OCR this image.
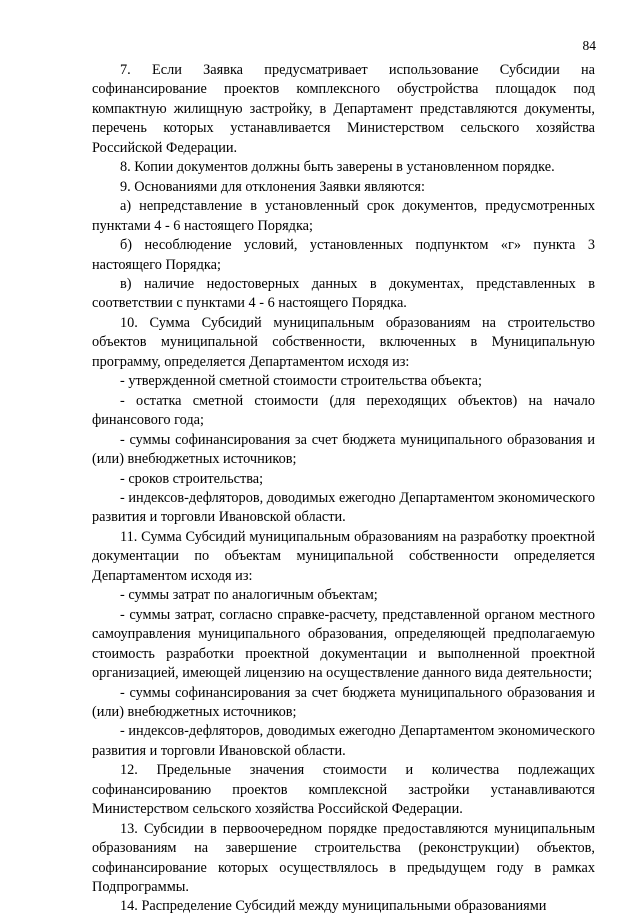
84

7. Если Заявка предусматривает использование Субсидии на софинансирование проектов комплексного обустройства площадок под компактную жилищную застройку, в Департамент представляются документы, перечень которых устанавливается Министерством сельского хозяйства Российской Федерации.

8. Копии документов должны быть заверены в установленном порядке.

9. Основаниями для отклонения Заявки являются:

а) непредставление в установленный срок документов, предусмотренных пунктами 4 - 6 настоящего Порядка;

б) несоблюдение условий, установленных подпунктом «г» пункта 3 настоящего Порядка;

в) наличие недостоверных данных в документах, представленных в соответствии с пунктами 4 - 6 настоящего Порядка.

10. Сумма Субсидий муниципальным образованиям на строительство объектов муниципальной собственности, включенных в Муниципальную программу, определяется Департаментом исходя из:

- утвержденной сметной стоимости строительства объекта;

- остатка сметной стоимости (для переходящих объектов) на начало финансового года;

- суммы софинансирования за счет бюджета муниципального образования и (или) внебюджетных источников;

- сроков строительства;

- индексов-дефляторов, доводимых ежегодно Департаментом экономического развития и торговли Ивановской области.

11. Сумма Субсидий муниципальным образованиям на разработку проектной документации по объектам муниципальной собственности определяется Департаментом исходя из:

- суммы затрат по аналогичным объектам;

- суммы затрат, согласно справке-расчету, представленной органом местного самоуправления муниципального образования, определяющей предполагаемую стоимость разработки проектной документации и выполненной проектной организацией, имеющей лицензию на осуществление данного вида деятельности;

- суммы софинансирования за счет бюджета муниципального образования и (или) внебюджетных источников;

- индексов-дефляторов, доводимых ежегодно Департаментом экономического развития и торговли Ивановской области.

12. Предельные значения стоимости и количества подлежащих софинансированию проектов комплексной застройки устанавливаются Министерством сельского хозяйства Российской Федерации.

13. Субсидии в первоочередном порядке предоставляются муниципальным образованиям на завершение строительства (реконструкции) объектов, софинансирование которых осуществлялось в предыдущем году в рамках Подпрограммы.

14. Распределение Субсидий между муниципальными образованиями
